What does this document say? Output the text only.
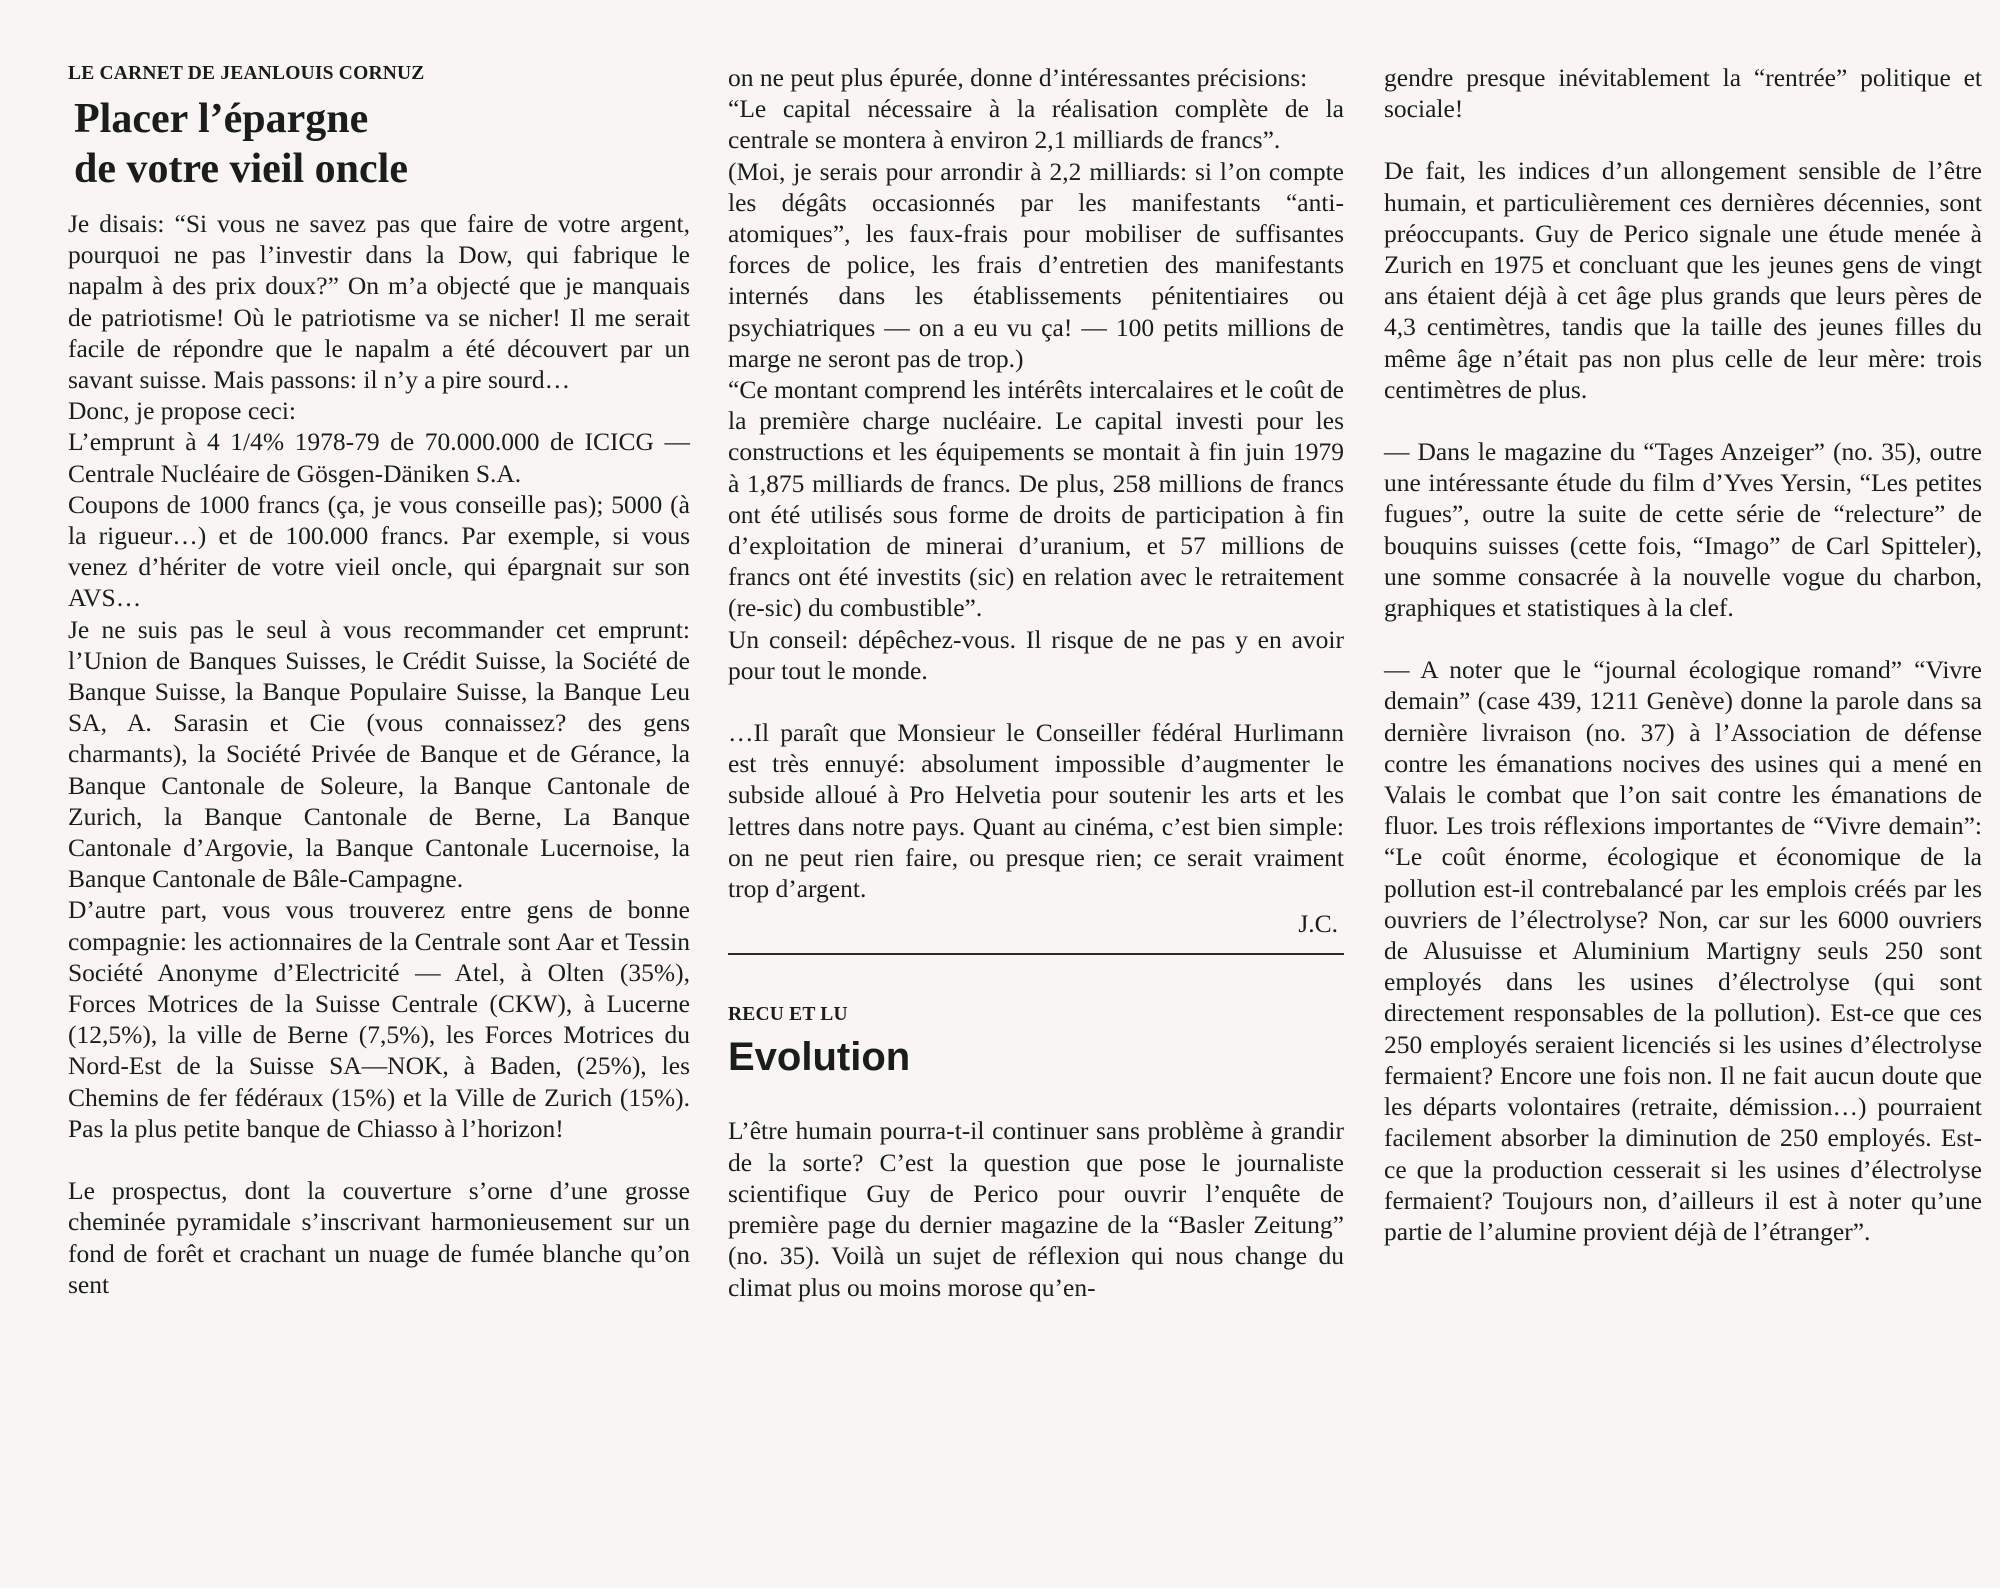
LE CARNET DE JEANLOUIS CORNUZ
Placer l’épargne
de votre vieil oncle

Je disais: “Si vous ne savez pas que faire de votre argent, pourquoi ne pas l’investir dans la Dow, qui fabrique le napalm à des prix doux?” On m’a objecté que je manquais de patriotisme! Où le patriotisme va se nicher! Il me serait facile de répondre que le napalm a été découvert par un savant suisse. Mais passons: il n’y a pire sourd…

Donc, je propose ceci:

L’emprunt à 4 1/4% 1978-79 de 70.000.000 de ICICG — Centrale Nucléaire de Gösgen-Däniken S.A.

Coupons de 1000 francs (ça, je vous conseille pas); 5000 (à la rigueur…) et de 100.000 francs. Par exemple, si vous venez d’hériter de votre vieil oncle, qui épargnait sur son AVS…

Je ne suis pas le seul à vous recommander cet emprunt: l’Union de Banques Suisses, le Crédit Suisse, la Société de Banque Suisse, la Banque Populaire Suisse, la Banque Leu SA, A. Sarasin et Cie (vous connaissez? des gens charmants), la Société Privée de Banque et de Gérance, la Banque Cantonale de Soleure, la Banque Cantonale de Zurich, la Banque Cantonale de Berne, La Banque Cantonale d’Argovie, la Banque Cantonale Lucernoise, la Banque Cantonale de Bâle-Campagne.

D’autre part, vous vous trouverez entre gens de bonne compagnie: les actionnaires de la Centrale sont Aar et Tessin Société Anonyme d’Electricité — Atel, à Olten (35%), Forces Motrices de la Suisse Centrale (CKW), à Lucerne (12,5%), la ville de Berne (7,5%), les Forces Motrices du Nord-Est de la Suisse SA—NOK, à Baden, (25%), les Chemins de fer fédéraux (15%) et la Ville de Zurich (15%). Pas la plus petite banque de Chiasso à l’horizon!

Le prospectus, dont la couverture s’orne d’une grosse cheminée pyramidale s’inscrivant harmonieusement sur un fond de forêt et crachant un nuage de fumée blanche qu’on sent

on ne peut plus épurée, donne d’intéressantes précisions:

“Le capital nécessaire à la réalisation complète de la centrale se montera à environ 2,1 milliards de francs”.

(Moi, je serais pour arrondir à 2,2 milliards: si l’on compte les dégâts occasionnés par les manifestants “anti-atomiques”, les faux-frais pour mobiliser de suffisantes forces de police, les frais d’entretien des manifestants internés dans les établissements pénitentiaires ou psychiatriques — on a eu vu ça! — 100 petits millions de marge ne seront pas de trop.)

“Ce montant comprend les intérêts intercalaires et le coût de la première charge nucléaire. Le capital investi pour les constructions et les équipements se montait à fin juin 1979 à 1,875 milliards de francs. De plus, 258 millions de francs ont été utilisés sous forme de droits de participation à fin d’exploitation de minerai d’uranium, et 57 millions de francs ont été investits (sic) en relation avec le retraitement (re-sic) du combustible”.

Un conseil: dépêchez-vous. Il risque de ne pas y en avoir pour tout le monde.

…Il paraît que Monsieur le Conseiller fédéral Hurlimann est très ennuyé: absolument impossible d’augmenter le subside alloué à Pro Helvetia pour soutenir les arts et les lettres dans notre pays. Quant au cinéma, c’est bien simple: on ne peut rien faire, ou presque rien; ce serait vraiment trop d’argent.

J.C.

RECU ET LU
Evolution

L’être humain pourra-t-il continuer sans problème à grandir de la sorte? C’est la question que pose le journaliste scientifique Guy de Perico pour ouvrir l’enquête de première page du dernier magazine de la “Basler Zeitung” (no. 35). Voilà un sujet de réflexion qui nous change du climat plus ou moins morose qu’en-

gendre presque inévitablement la “rentrée” politique et sociale!

De fait, les indices d’un allongement sensible de l’être humain, et particulièrement ces dernières décennies, sont préoccupants. Guy de Perico signale une étude menée à Zurich en 1975 et concluant que les jeunes gens de vingt ans étaient déjà à cet âge plus grands que leurs pères de 4,3 centimètres, tandis que la taille des jeunes filles du même âge n’était pas non plus celle de leur mère: trois centimètres de plus.

— Dans le magazine du “Tages Anzeiger” (no. 35), outre une intéressante étude du film d’Yves Yersin, “Les petites fugues”, outre la suite de cette série de “relecture” de bouquins suisses (cette fois, “Imago” de Carl Spitteler), une somme consacrée à la nouvelle vogue du charbon, graphiques et statistiques à la clef.

— A noter que le “journal écologique romand” “Vivre demain” (case 439, 1211 Genève) donne la parole dans sa dernière livraison (no. 37) à l’Association de défense contre les émanations nocives des usines qui a mené en Valais le combat que l’on sait contre les émanations de fluor. Les trois réflexions importantes de “Vivre demain”: “Le coût énorme, écologique et économique de la pollution est-il contrebalancé par les emplois créés par les ouvriers de l’électrolyse? Non, car sur les 6000 ouvriers de Alusuisse et Aluminium Martigny seuls 250 sont employés dans les usines d’électrolyse (qui sont directement responsables de la pollution). Est-ce que ces 250 employés seraient licenciés si les usines d’électrolyse fermaient? Encore une fois non. Il ne fait aucun doute que les départs volontaires (retraite, démission…) pourraient facilement absorber la diminution de 250 employés. Est-ce que la production cesserait si les usines d’électrolyse fermaient? Toujours non, d’ailleurs il est à noter qu’une partie de l’alumine provient déjà de l’étranger”.
